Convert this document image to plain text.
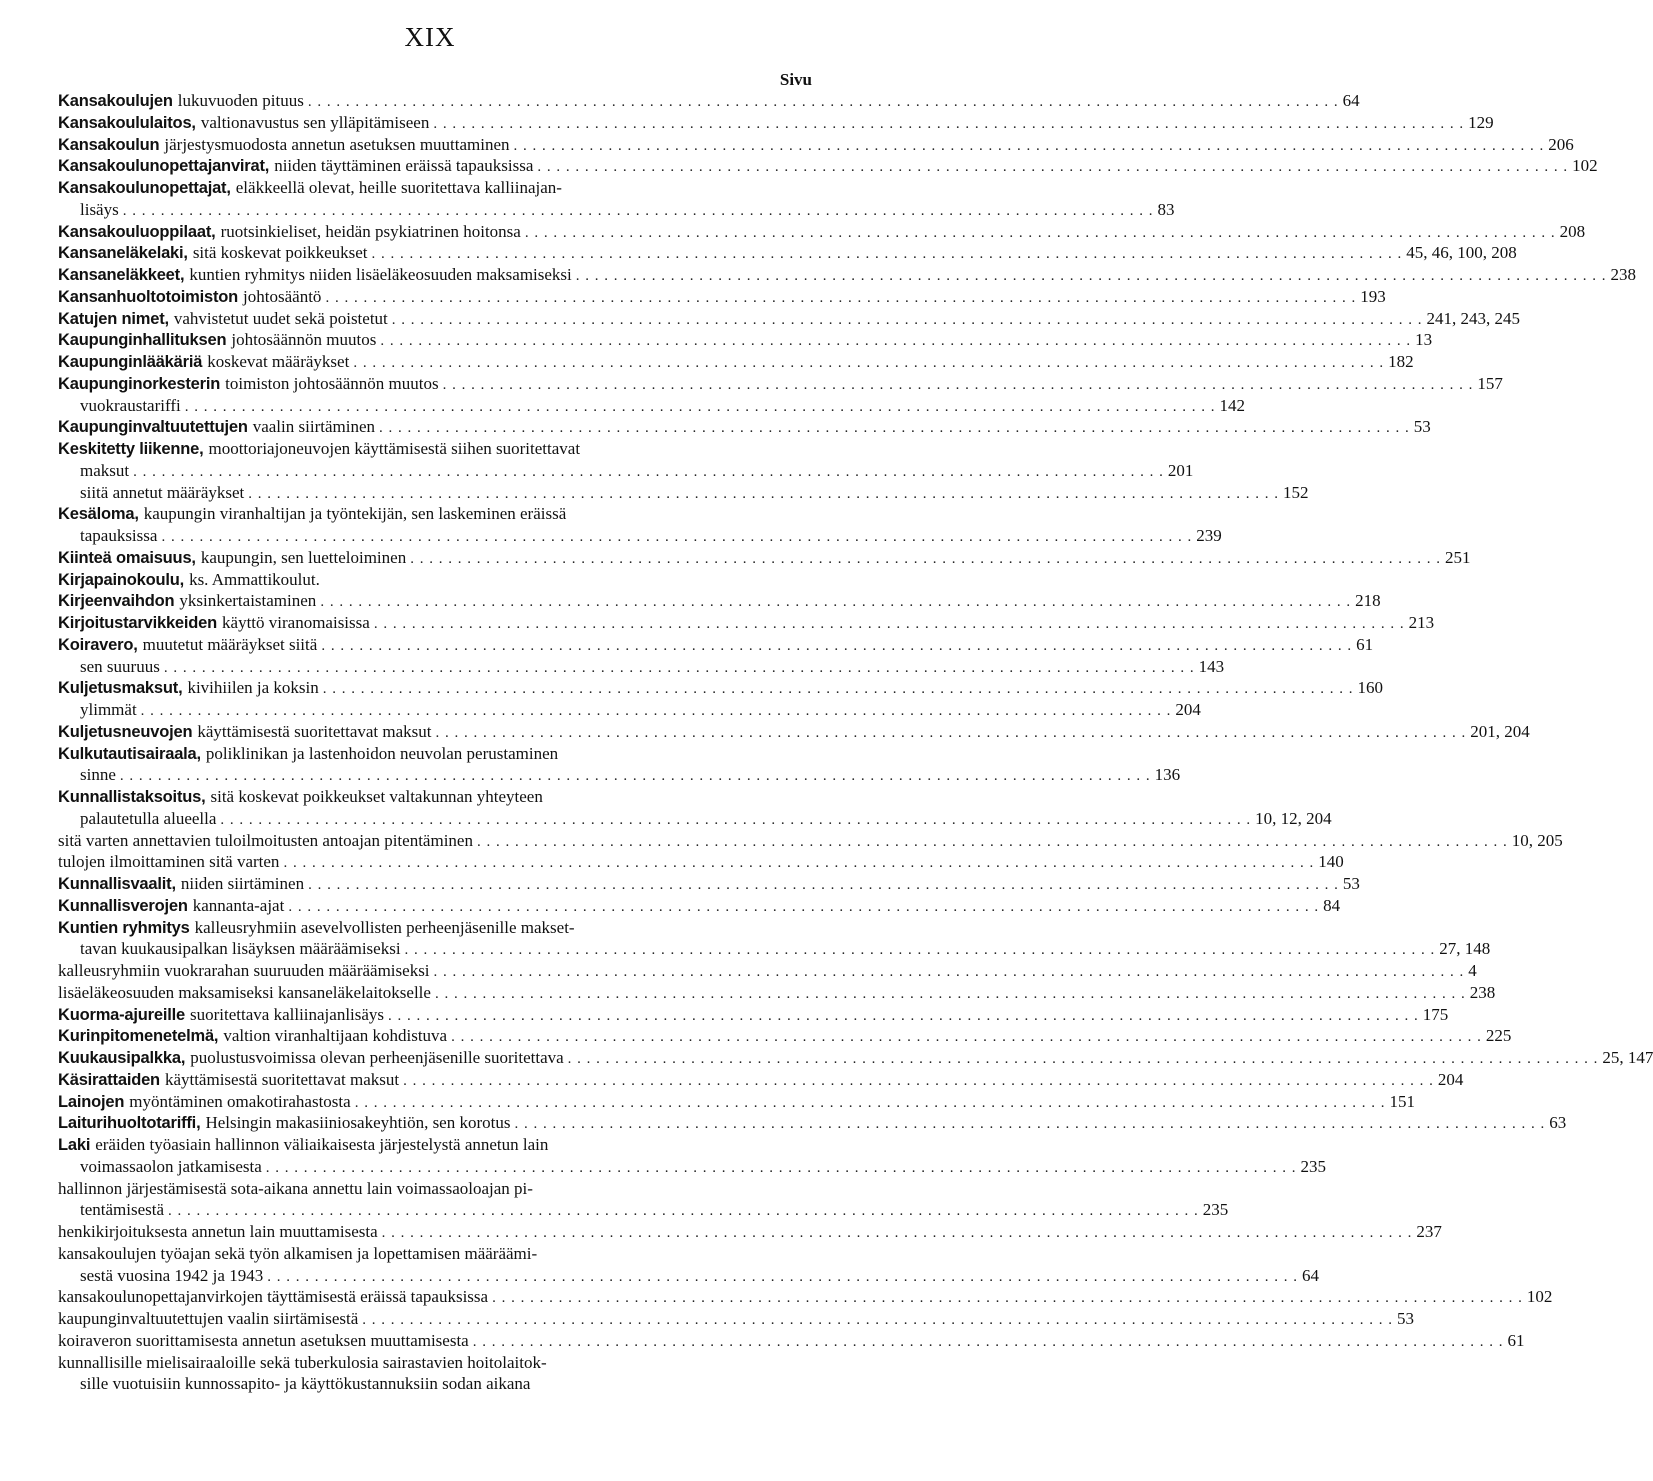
XIX
Sivu
Kansakoulujen lukuvuoden pituus . . .	64
Kansakoululaitos, valtionavustus sen ylläpitämiseen . . .	129
Kansakoulun järjestysmuodosta annetun asetuksen muuttaminen . . .	206
Kansakoulunopettajanvirat, niiden täyttäminen eräissä tapauksissa . . .	102
Kansakoulunopettajat, eläkkeellä olevat, heille suoritettava kalliinajan-
lisäys . . .	83
Kansakouluoppilaat, ruotsinkieliset, heidän psykiatrinen hoitonsa . . .	208
Kansaneläkelaki, sitä koskevat poikkeukset . . .	45, 46, 100, 208
Kansaneläkkeet, kuntien ryhmitys niiden lisäeläkeosuuden maksamiseksi . . .	238
Kansanhuoltotoimiston johtosääntö . . .	193
Katujen nimet, vahvistetut uudet sekä poistetut . . .	241, 243, 245
Kaupunginhallituksen johtosäännön muutos . . .	13
Kaupunginlääkäriä koskevat määräykset . . .	182
Kaupunginorkesterin toimiston johtosäännön muutos . . .	157
vuokraustariffi . . .	142
Kaupunginvaltuutettujen vaalin siirtäminen . . .	53
Keskitetty liikenne, moottoriajoneuvojen käyttämisestä siihen suoritettavat
maksut . . .	201
siitä annetut määräykset . . .	152
Kesäloma, kaupungin viranhaltijan ja työntekijän, sen laskeminen eräissä
tapauksissa . . .	239
Kiinteä omaisuus, kaupungin, sen luetteloiminen . . .	251
Kirjapainokoulu, ks. Ammattikoulut.
Kirjeenvaihdon yksinkertaistaminen . . .	218
Kirjoitustarvikkeiden käyttö viranomaisissa . . .	213
Koiravero, muutetut määräykset siitä . . .	61
sen suuruus . . .	143
Kuljetusmaksut, kivihiilen ja koksin . . .	160
ylimmät . . .	204
Kuljetusneuvojen käyttämisestä suoritettavat maksut . . .	201, 204
Kulkutautisairaala, poliklinikan ja lastenhoidon neuvolan perustaminen
sinne . . .	136
Kunnallistaksoitus, sitä koskevat poikkeukset valtakunnan yhteyteen
palautetulla alueella . . .	10, 12, 204
sitä varten annettavien tuloilmoitusten antoajan pitentäminen . . .	10, 205
tulojen ilmoittaminen sitä varten . . .	140
Kunnallisvaalit, niiden siirtäminen . . .	53
Kunnallisverojen kannanta-ajat . . .	84
Kuntien ryhmitys kalleusryhmiin asevelvollisten perheenjäsenille makset-
tavan kuukausipalkan lisäyksen määräämiseksi . . .	27, 148
kalleusryhmiin vuokrarahan suuruuden määräämiseksi . . .	4
lisäeläkeosuuden maksamiseksi kansaneläkelaitokselle . . .	238
Kuorma-ajureille suoritettava kalliinajanlisäys . . .	175
Kurinpitomenetelmä, valtion viranhaltijaan kohdistuva . . .	225
Kuukausipalkka, puolustusvoimissa olevan perheenjäsenille suoritettava . . .	25, 147
Käsirattaiden käyttämisestä suoritettavat maksut . . .	204
Lainojen myöntäminen omakotirahastosta . . .	151
Laiturihuoltotariffi, Helsingin makasiiniosakeyhtiön, sen korotus . . .	63
Laki eräiden työasiain hallinnon väliaikaisesta järjestelystä annetun lain
voimassaolon jatkamisesta . . .	235
hallinnon järjestämisestä sota-aikana annettu lain voimassaoloajan pi-
tentämisestä . . .	235
henkikirjoituksesta annetun lain muuttamisesta . . .	237
kansakoulujen työajan sekä työn alkamisen ja lopettamisen määräämi-
sestä vuosina 1942 ja 1943 . . .	64
kansakoulunopettajanvirkojen täyttämisestä eräissä tapauksissa . . .	102
kaupunginvaltuutettujen vaalin siirtämisestä . . .	53
koiraveron suorittamisesta annetun asetuksen muuttamisesta . . .	61
kunnallisille mielisairaaloille sekä tuberkulosia sairastavien hoitolaitok-
sille vuotuisiin kunnossapito- ja käyttökustannuksiin sodan aikana
